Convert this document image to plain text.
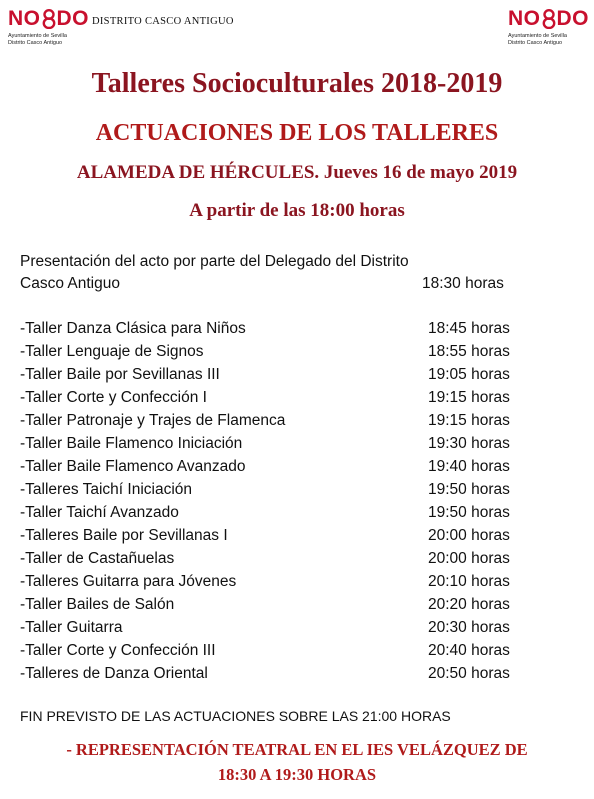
NO DO
Ayuntamiento de Sevilla
Distrito Casco Antiguo
DISTRITO CASCO ANTIGUO	NO DO
Ayuntamiento de Sevilla
Distrito Casco Antiguo
Talleres Socioculturales 2018-2019
ACTUACIONES DE LOS TALLERES
ALAMEDA DE HÉRCULES. Jueves 16 de mayo 2019
A partir de las 18:00 horas
Presentación del acto por parte del Delegado del Distrito
Casco Antiguo	18:30 horas
-Taller Danza Clásica para Niños	18:45 horas
-Taller Lenguaje de Signos	18:55 horas
-Taller Baile por Sevillanas III	19:05 horas
-Taller Corte y Confección I	19:15 horas
-Taller Patronaje y Trajes de Flamenca	19:15 horas
-Taller Baile Flamenco Iniciación	19:30 horas
-Taller Baile Flamenco Avanzado	19:40 horas
-Talleres Taichí Iniciación	19:50 horas
-Taller Taichí Avanzado	19:50 horas
-Talleres Baile por Sevillanas I	20:00 horas
-Taller de Castañuelas	20:00 horas
-Talleres Guitarra para Jóvenes	20:10 horas
-Taller Bailes de Salón	20:20 horas
-Taller Guitarra	20:30 horas
-Taller Corte y Confección III	20:40 horas
-Talleres de Danza Oriental	20:50 horas
FIN PREVISTO DE LAS ACTUACIONES SOBRE LAS 21:00 HORAS
- REPRESENTACIÓN TEATRAL EN EL IES VELÁZQUEZ DE
18:30 A 19:30 HORAS
